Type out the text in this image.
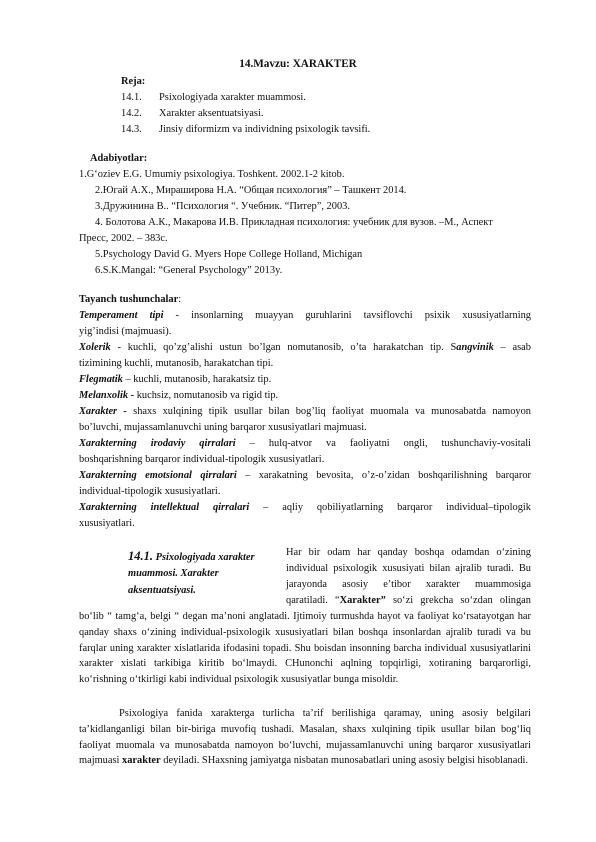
14.Mavzu: XARAKTER
Reja:
14.1. Psixologiyada xarakter muammosi.
14.2. Xarakter aksentuatsiyasi.
14.3. Jinsiy diformizm va individning psixologik tavsifi.
Adabiyotlar:
1.G‘oziev E.G. Umumiy psixologiya. Toshkent. 2002.1-2 kitob.
2.Югай А.Х., Мираширова Н.А. “Общая психология” – Ташкент 2014.
3.Дружинина В.. “Психология “. Учебник. “Питер”, 2003.
4. Болотова А.К., Макарова И.В. Прикладная психология: учебник для вузов. –М., Аспект
Пресс, 2002. – 383с.
5.Psychology David G. Myers Hope College Holland, Michigan
6.S.K.Mangal: “General Psychology” 2013y.
Tayanch tushunchalar:
Temperament tipi - insonlarning muayyan guruhlarini tavsiflovchi psixik xususiyatlarning
yig’indisi (majmuasi).
Xolerik - kuchli, qo’zg’alishi ustun bo’lgan nomutanosib, o’ta harakatchan tip. Sangvinik – asab
tizimining kuchli, mutanosib, harakatchan tipi.
Flegmatik – kuchli, mutanosib, harakatsiz tip.
Melanxolik - kuchsiz, nomutanosib va rigid tip.
Xarakter - shaxs xulqining tipik usullar bilan bog’liq faoliyat muomala va munosabatda namoyon
bo’luvchi, mujassamlanuvchi uning barqaror xususiyatlari majmuasi.
Xarakterning irodaviy qirralari – hulq-atvor va faoliyatni ongli, tushunchaviy-vositali
boshqarishning barqaror individual-tipologik xususiyatlari.
Xarakterning emotsional qirralari – xarakatning bevosita, o’z-o’zidan boshqarilishning barqaror
individual-tipologik xususiyatlari.
Xarakterning intellektual qirralari – aqliy qobiliyatlarning barqaror individual–tipologik
xususiyatlari.
14.1. Psixologiyada xarakter
muammosi. Xarakter
aksentuatsiyasi.
Har bir odam har qanday boshqa odamdan o‘zining
individual psixologik xususiyati bilan ajralib turadi. Bu
jarayonda asosiy e’tibor xarakter muammosiga
qaratiladi. “Xarakter” so‘zi grekcha so‘zdan olingan
bo‘lib “ tamg‘a, belgi “ degan ma’noni anglatadi. Ijtimoiy turmushda hayot va faoliyat ko‘rsatayotgan har qanday shaxs o‘zining individual-psixologik xususiyatlari bilan boshqa insonlardan ajralib turadi va bu farqlar uning xarakter xislatlarida ifodasini topadi. Shu boisdan insonning barcha individual xususiyatlarini xarakter xislati tarkibiga kiritib bo‘lmaydi. CHunonchi aqlning topqirligi, xotiraning barqarorligi, ko‘rishning o‘tkirligi kabi individual psixologik xususiyatlar bunga misoldir.
Psixologiya fanida xarakterga turlicha ta’rif berilishiga qaramay, uning asosiy belgilari ta’kidlanganligi bilan bir-biriga muvofiq tushadi. Masalan, shaxs xulqining tipik usullar bilan bog‘liq faoliyat muomala va munosabatda namoyon bo‘luvchi, mujassamlanuvchi uning barqaror xususiyatlari majmuasi xarakter deyiladi. SHaxsning jamiyatga nisbatan munosabatlari uning asosiy belgisi hisoblanadi.
